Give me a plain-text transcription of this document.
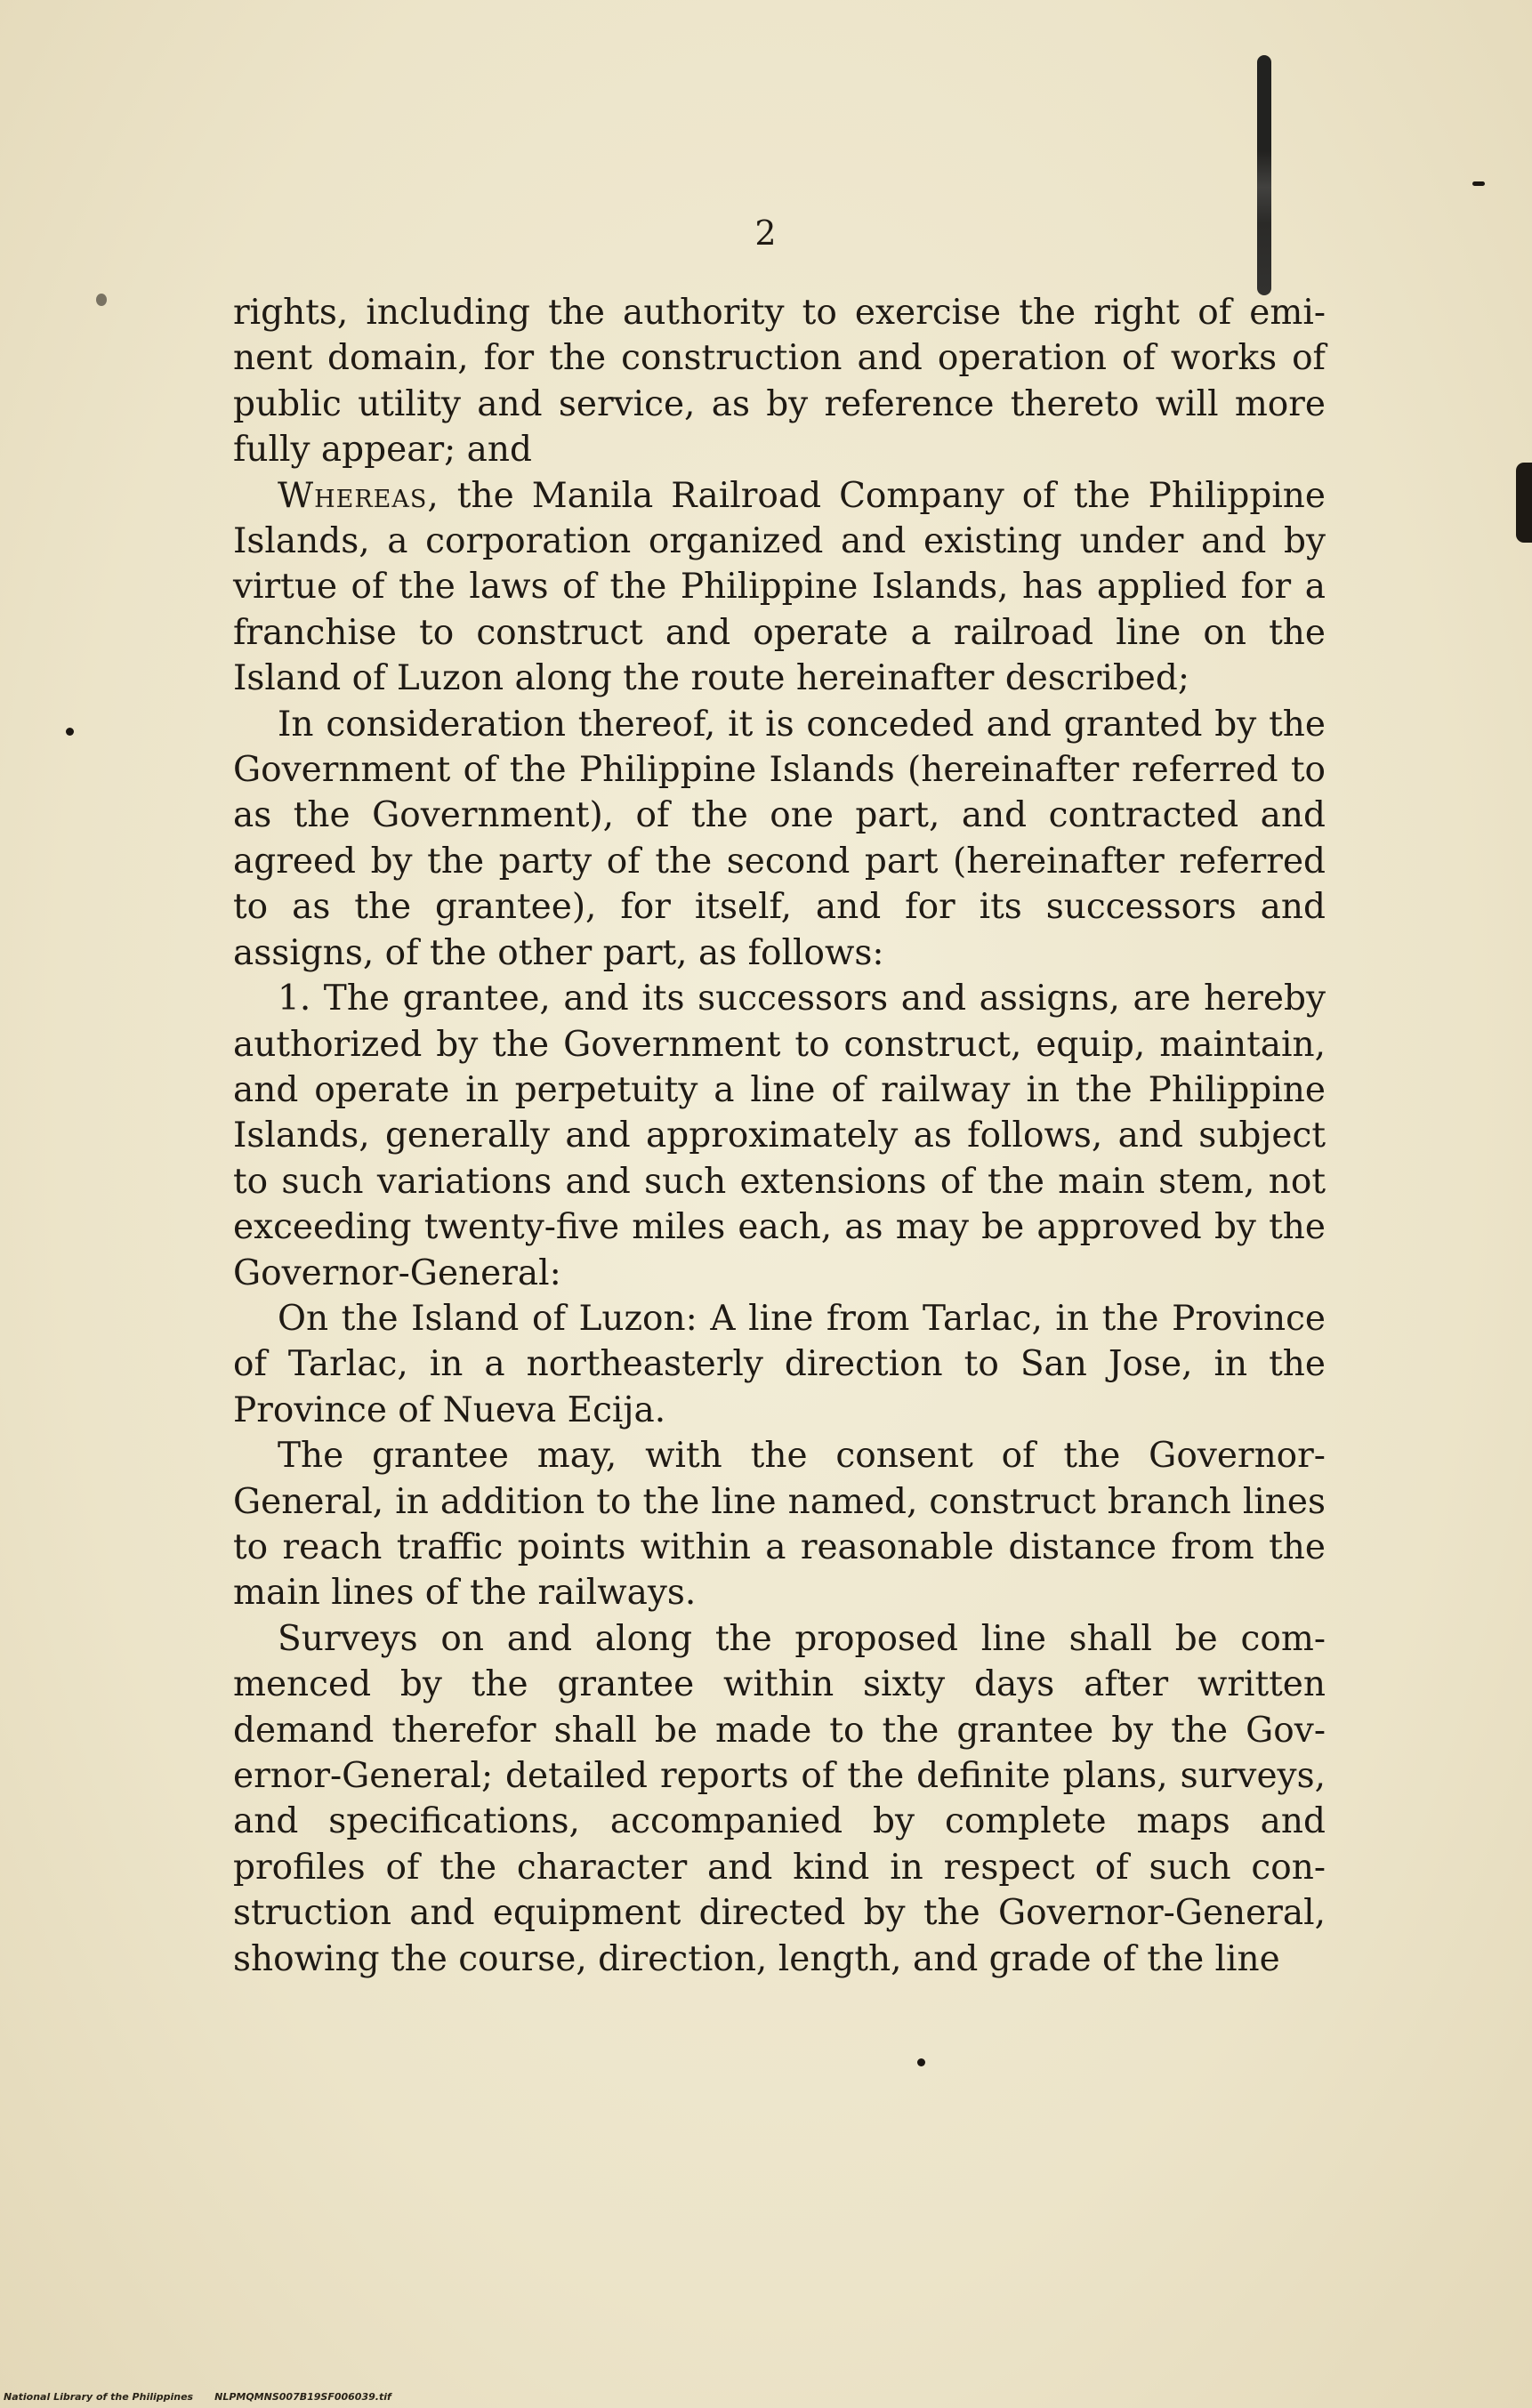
2

rights, including the authority to exercise the right of eminent domain, for the construction and operation of works of public utility and service, as by reference thereto will more fully appear; and

Whereas, the Manila Railroad Company of the Philippine Islands, a corporation organized and existing under and by virtue of the laws of the Philippine Islands, has applied for a franchise to construct and operate a railroad line on the Island of Luzon along the route hereinafter described;

In consideration thereof, it is conceded and granted by the Government of the Philippine Islands (hereinafter referred to as the Government), of the one part, and contracted and agreed by the party of the second part (hereinafter referred to as the grantee), for itself, and for its successors and assigns, of the other part, as follows:

1. The grantee, and its successors and assigns, are hereby authorized by the Government to construct, equip, maintain, and operate in perpetuity a line of railway in the Philippine Islands, generally and approximately as follows, and subject to such variations and such extensions of the main stem, not exceeding twenty-five miles each, as may be approved by the Governor-General:

On the Island of Luzon: A line from Tarlac, in the Province of Tarlac, in a northeasterly direction to San Jose, in the Province of Nueva Ecija.

The grantee may, with the consent of the Governor-General, in addition to the line named, construct branch lines to reach traffic points within a reasonable distance from the main lines of the railways.

Surveys on and along the proposed line shall be commenced by the grantee within sixty days after written demand therefor shall be made to the grantee by the Governor-General; detailed reports of the definite plans, surveys, and specifications, accompanied by complete maps and profiles of the character and kind in respect of such construction and equipment directed by the Governor-General, showing the course, direction, length, and grade of the line

National Library of the Philippines NLPMQMNS007B19SF006039.tif
